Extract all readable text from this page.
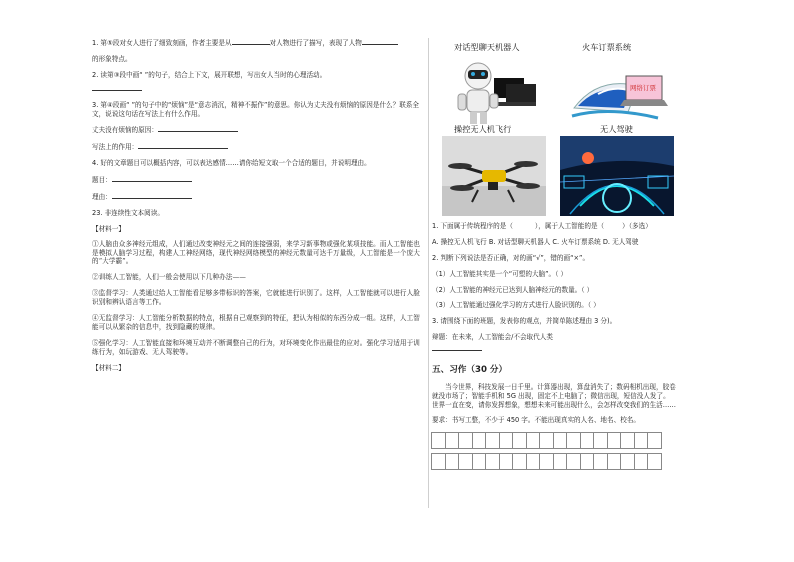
1. 第⑤段对女人进行了细致刻画，作者主要是从	对人物进行了描写，表现了人物

的形象特点。

2. 读第③段中画“ ”的句子，结合上下文，展开联想，写出女人当时的心理活动。

3. 第④段画“ ”的句子中的“烦恼”是“意志消沉，精神不振作”的意思。你认为丈夫没有烦恼的原因是什么？联系全文，说说这句话在写法上有什么作用。

丈夫没有烦恼的原因：

写法上的作用：

4. 好的文章题目可以概括内容，可以表达感情……请你给短文取一个合适的题目，并说明理由。

题目：

理由：

23. 非连续性文本阅读。

【材料一】

①人脑由众多神经元组成，人们通过改变神经元之间的连接强弱，来学习新事物或强化某项技能。而人工智能也是模拟人脑学习过程，构建人工神经网络，现代神经网络模型的神经元数量可达千万量级，人工智能是一个庞大的“大学霸”。

②训练人工智能，人们一般会使用以下几种办法——

③监督学习：人类通过给人工智能看足够多带标识的答案，它就能进行识别了。这样，人工智能就可以进行人脸识别和辨认语言等工作。

④无监督学习：人工智能分析数据的特点，根据自己观察到的特征，把认为相似的东西分成一组。这样，人工智能可以从繁杂的信息中，找到隐藏的规律。

⑤强化学习：人工智能直接和环境互动并不断调整自己的行为，对环境变化作出最佳的应对。强化学习适用于训练行为，如玩游戏、无人驾驶等。

【材料二】

对话型聊天机器人	火车订票系统
网络订票
操控无人机飞行	无人驾驶

1. 下面属于传统程序的是（	），属于人工智能的是（	）（多选）

A. 操控无人机飞行 B. 对话型聊天机器人 C. 火车订票系统 D. 无人驾驶

2. 判断下列说法是否正确，对的画“√”，错的画“×”。

（1）人工智能其实是一个“可塑的大脑”。（ ）

（2）人工智能的神经元已达到人脑神经元的数量。（ ）

（3）人工智能通过强化学习的方式进行人脸识别的。（ ）

3. 请围绕下面的班题，发表你的观点，并简单陈述理由 3 分)。

辩题：在未来，人工智能会/不会取代人类

五、习作（30 分）

当今世界，科技发展一日千里。计算器出现，算盘消失了；数码相机出现，胶卷就没市场了；智能手机和 5G 出现，固定不上电脑了；微信出现，短信没人发了。世界一直在变，请你发挥想象，想想未来可能出现什么，会怎样改变我们的生活……

要求：书写工整，不少于 450 字。不能出现真实的人名、地名、校名。
